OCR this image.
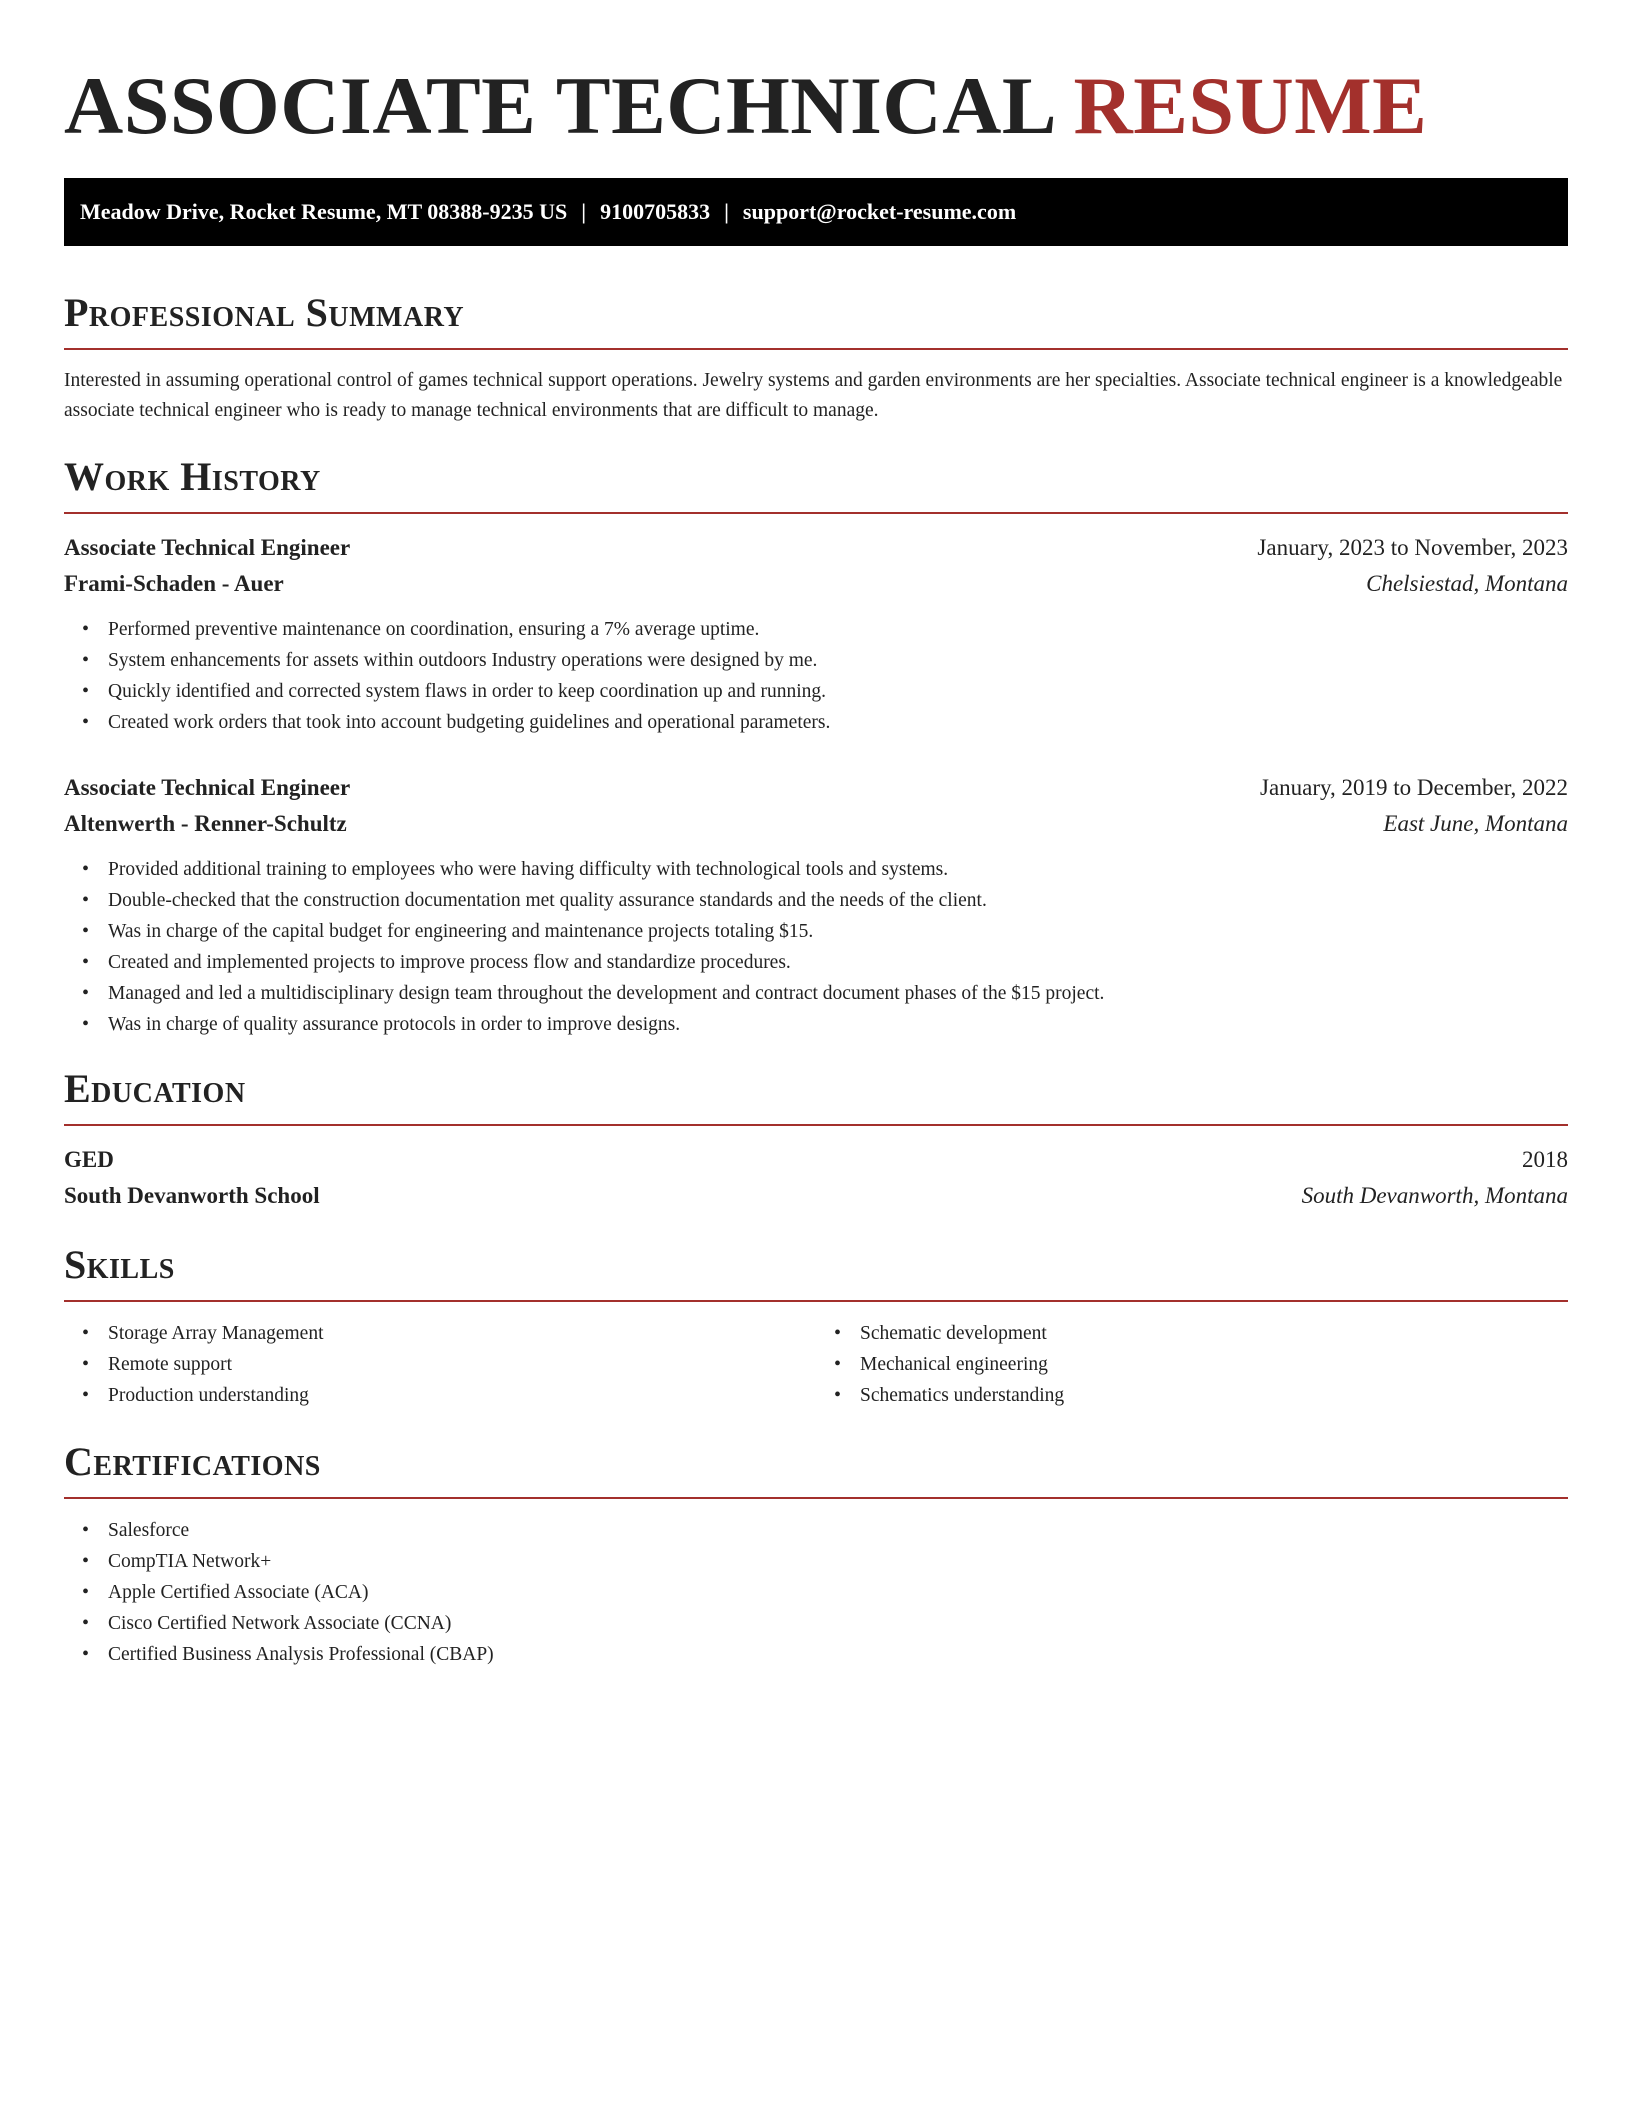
ASSOCIATE TECHNICAL RESUME
Meadow Drive, Rocket Resume, MT 08388-9235 US | 9100705833 | support@rocket-resume.com
Professional Summary

Interested in assuming operational control of games technical support operations. Jewelry systems and garden environments are her specialties. Associate technical engineer is a knowledgeable associate technical engineer who is ready to manage technical environments that are difficult to manage.

Work History
Associate Technical Engineer	January, 2023 to November, 2023
Frami-Schaden - Auer	Chelsiestad, Montana
• Performed preventive maintenance on coordination, ensuring a 7% average uptime.
• System enhancements for assets within outdoors Industry operations were designed by me.
• Quickly identified and corrected system flaws in order to keep coordination up and running.
• Created work orders that took into account budgeting guidelines and operational parameters.
Associate Technical Engineer	January, 2019 to December, 2022
Altenwerth - Renner-Schultz	East June, Montana
• Provided additional training to employees who were having difficulty with technological tools and systems.
• Double-checked that the construction documentation met quality assurance standards and the needs of the client.
• Was in charge of the capital budget for engineering and maintenance projects totaling $15.
• Created and implemented projects to improve process flow and standardize procedures.
• Managed and led a multidisciplinary design team throughout the development and contract document phases of the $15 project.
• Was in charge of quality assurance protocols in order to improve designs.
Education
GED	2018
South Devanworth School	South Devanworth, Montana
Skills
• Storage Array Management
• Remote support
• Production understanding
• Schematic development
• Mechanical engineering
• Schematics understanding
Certifications
• Salesforce
• CompTIA Network+
• Apple Certified Associate (ACA)
• Cisco Certified Network Associate (CCNA)
• Certified Business Analysis Professional (CBAP)
